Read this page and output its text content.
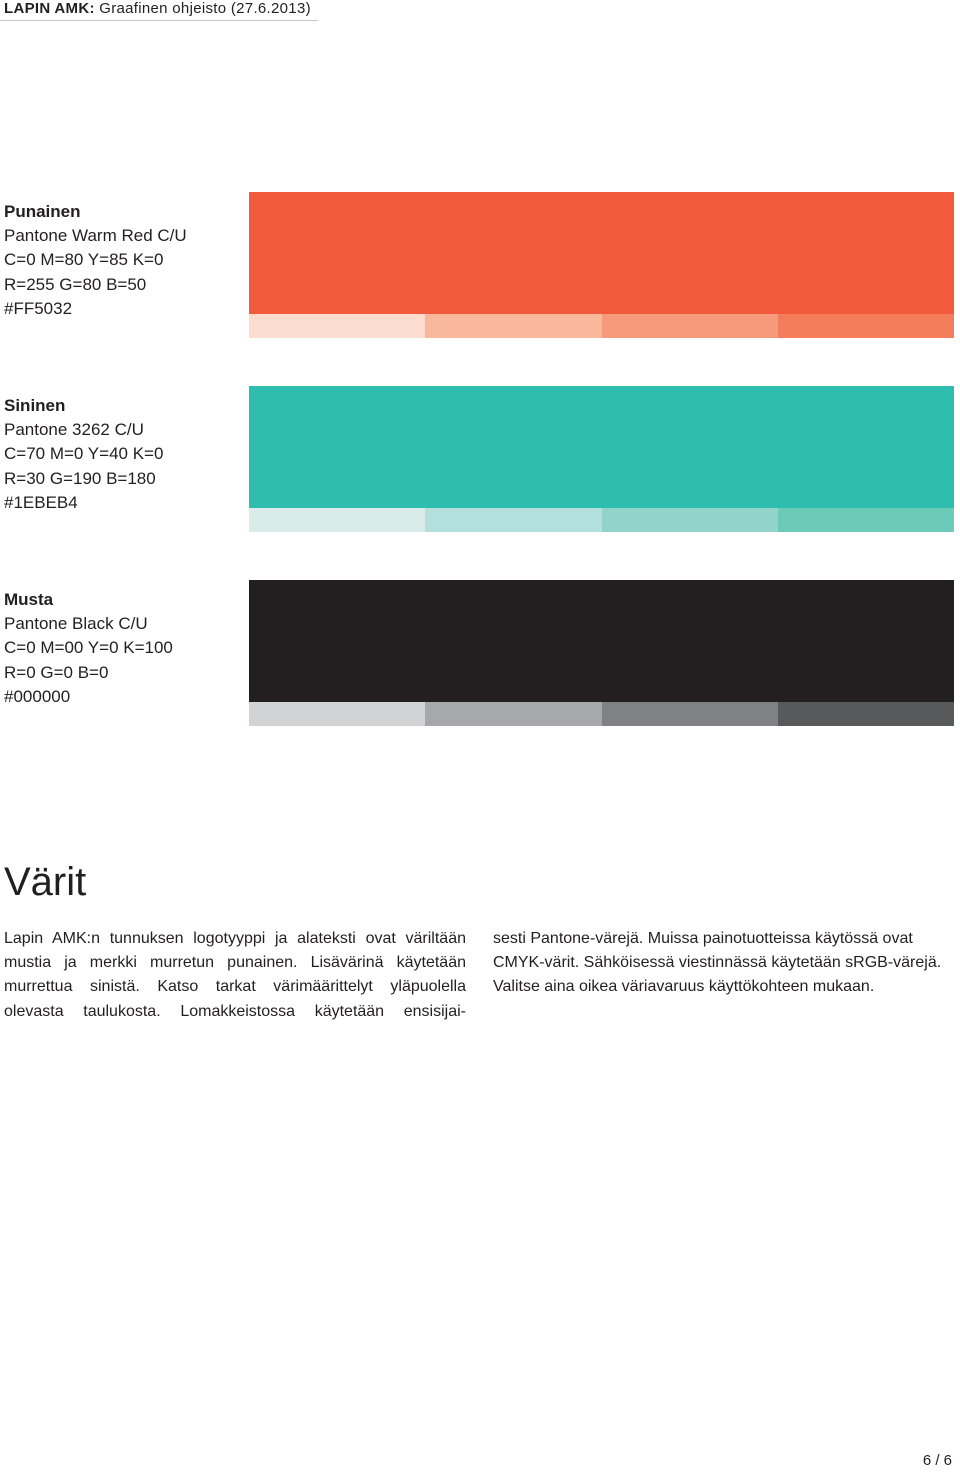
LAPIN AMK: Graafinen ohjeisto (27.6.2013)
Punainen
Pantone Warm Red C/U
C=0 M=80 Y=85 K=0
R=255 G=80 B=50
#FF5032
Sininen
Pantone 3262 C/U
C=70 M=0 Y=40 K=0
R=30 G=190 B=180
#1EBEB4
Musta
Pantone Black C/U
C=0 M=00 Y=0 K=100
R=0 G=0 B=0
#000000
Värit
Lapin AMK:n tunnuksen logotyyppi ja alateksti ovat väriltään
mustia ja merkki murretun punainen. Lisävärinä käytetään
murrettua sinistä. Katso tarkat värimäärittelyt yläpuolella
olevasta taulukosta. Lomakkeistossa käytetään ensisijai-
sesti Pantone-värejä. Muissa painotuotteissa käytössä ovat
CMYK-värit. Sähköisessä viestinnässä käytetään sRGB-värejä.
Valitse aina oikea väriavaruus käyttökohteen mukaan.
6 / 6
